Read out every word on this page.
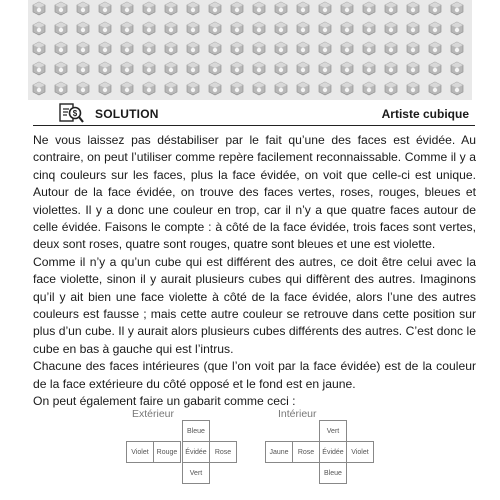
$ SOLUTION	Artiste cubique

Ne vous laissez pas déstabiliser par le fait qu’une des faces est évidée. Au contraire, on peut l’utiliser comme repère facilement reconnaissable. Comme il y a cinq couleurs sur les faces, plus la face évidée, on voit que celle-ci est unique. Autour de la face évidée, on trouve des faces vertes, roses, rouges, bleues et violettes. Il y a donc une couleur en trop, car il n’y a que quatre faces autour de celle évidée. Faisons le compte : à côté de la face évidée, trois faces sont vertes, deux sont roses, quatre sont rouges, quatre sont bleues et une est violette.

Comme il n’y a qu’un cube qui est différent des autres, ce doit être celui avec la face violette, sinon il y aurait plusieurs cubes qui diffèrent des autres. Imaginons qu’il y ait bien une face violette à côté de la face évidée, alors l’une des autres couleurs est fausse ; mais cette autre couleur se retrouve dans cette position sur plus d’un cube. Il y aurait alors plusieurs cubes différents des autres. C’est donc le cube en bas à gauche qui est l’intrus.

Chacune des faces intérieures (que l’on voit par la face évidée) est de la couleur de la face extérieure du côté opposé et le fond est en jaune.

On peut également faire un gabarit comme ceci :

Extérieur
Bleue
Violet	Rouge	Évidée	Rose
Vert
Intérieur
Vert
Jaune	Rose	Évidée	Violet
Bleue
